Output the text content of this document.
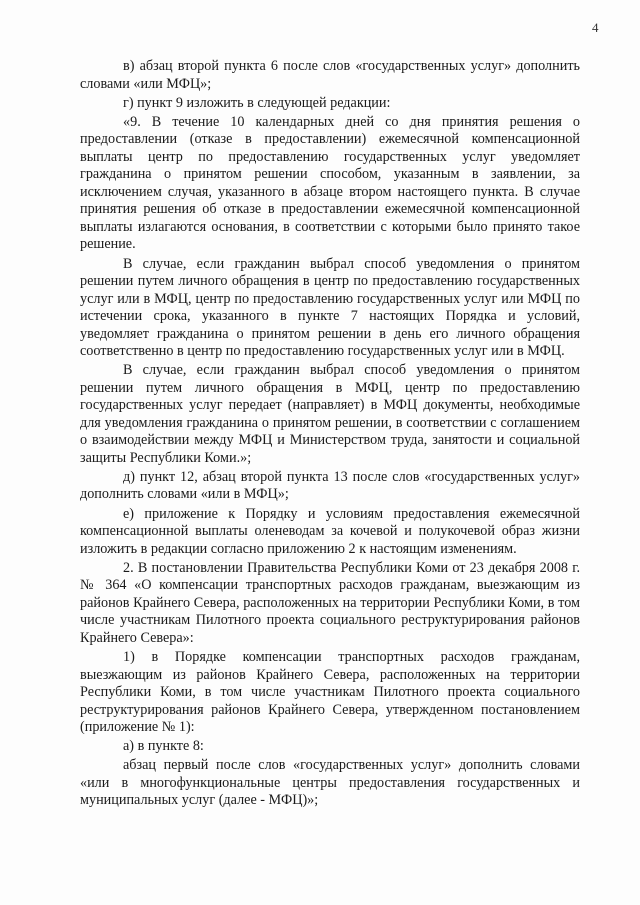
4

в) абзац второй пункта 6 после слов «государственных услуг» дополнить словами «или МФЦ»;

г) пункт 9 изложить в следующей редакции:

«9. В течение 10 календарных дней со дня принятия решения о предоставлении (отказе в предоставлении) ежемесячной компенсационной выплаты центр по предоставлению государственных услуг уведомляет гражданина о принятом решении способом, указанным в заявлении, за исключением случая, указанного в абзаце втором настоящего пункта. В случае принятия решения об отказе в предоставлении ежемесячной компенсационной выплаты излагаются основания, в соответствии с которыми было принято такое решение.

В случае, если гражданин выбрал способ уведомления о принятом решении путем личного обращения в центр по предоставлению государственных услуг или в МФЦ, центр по предоставлению государственных услуг или МФЦ по истечении срока, указанного в пункте 7 настоящих Порядка и условий, уведомляет гражданина о принятом решении в день его личного обращения соответственно в центр по предоставлению государственных услуг или в МФЦ.

В случае, если гражданин выбрал способ уведомления о принятом решении путем личного обращения в МФЦ, центр по предоставлению государственных услуг передает (направляет) в МФЦ документы, необходимые для уведомления гражданина о принятом решении, в соответствии с соглашением о взаимодействии между МФЦ и Министерством труда, занятости и социальной защиты Республики Коми.»;

д) пункт 12, абзац второй пункта 13 после слов «государственных услуг» дополнить словами «или в МФЦ»;

е) приложение к Порядку и условиям предоставления ежемесячной компенсационной выплаты оленеводам за кочевой и полукочевой образ жизни изложить в редакции согласно приложению 2 к настоящим изменениям.

2. В постановлении Правительства Республики Коми от 23 декабря 2008 г. № 364 «О компенсации транспортных расходов гражданам, выезжающим из районов Крайнего Севера, расположенных на территории Республики Коми, в том числе участникам Пилотного проекта социального реструктурирования районов Крайнего Севера»:

1) в Порядке компенсации транспортных расходов гражданам, выезжающим из районов Крайнего Севера, расположенных на территории Республики Коми, в том числе участникам Пилотного проекта социального реструктурирования районов Крайнего Севера, утвержденном постановлением (приложение № 1):

а) в пункте 8:

абзац первый после слов «государственных услуг» дополнить словами «или в многофункциональные центры предоставления государственных и муниципальных услуг (далее - МФЦ)»;
